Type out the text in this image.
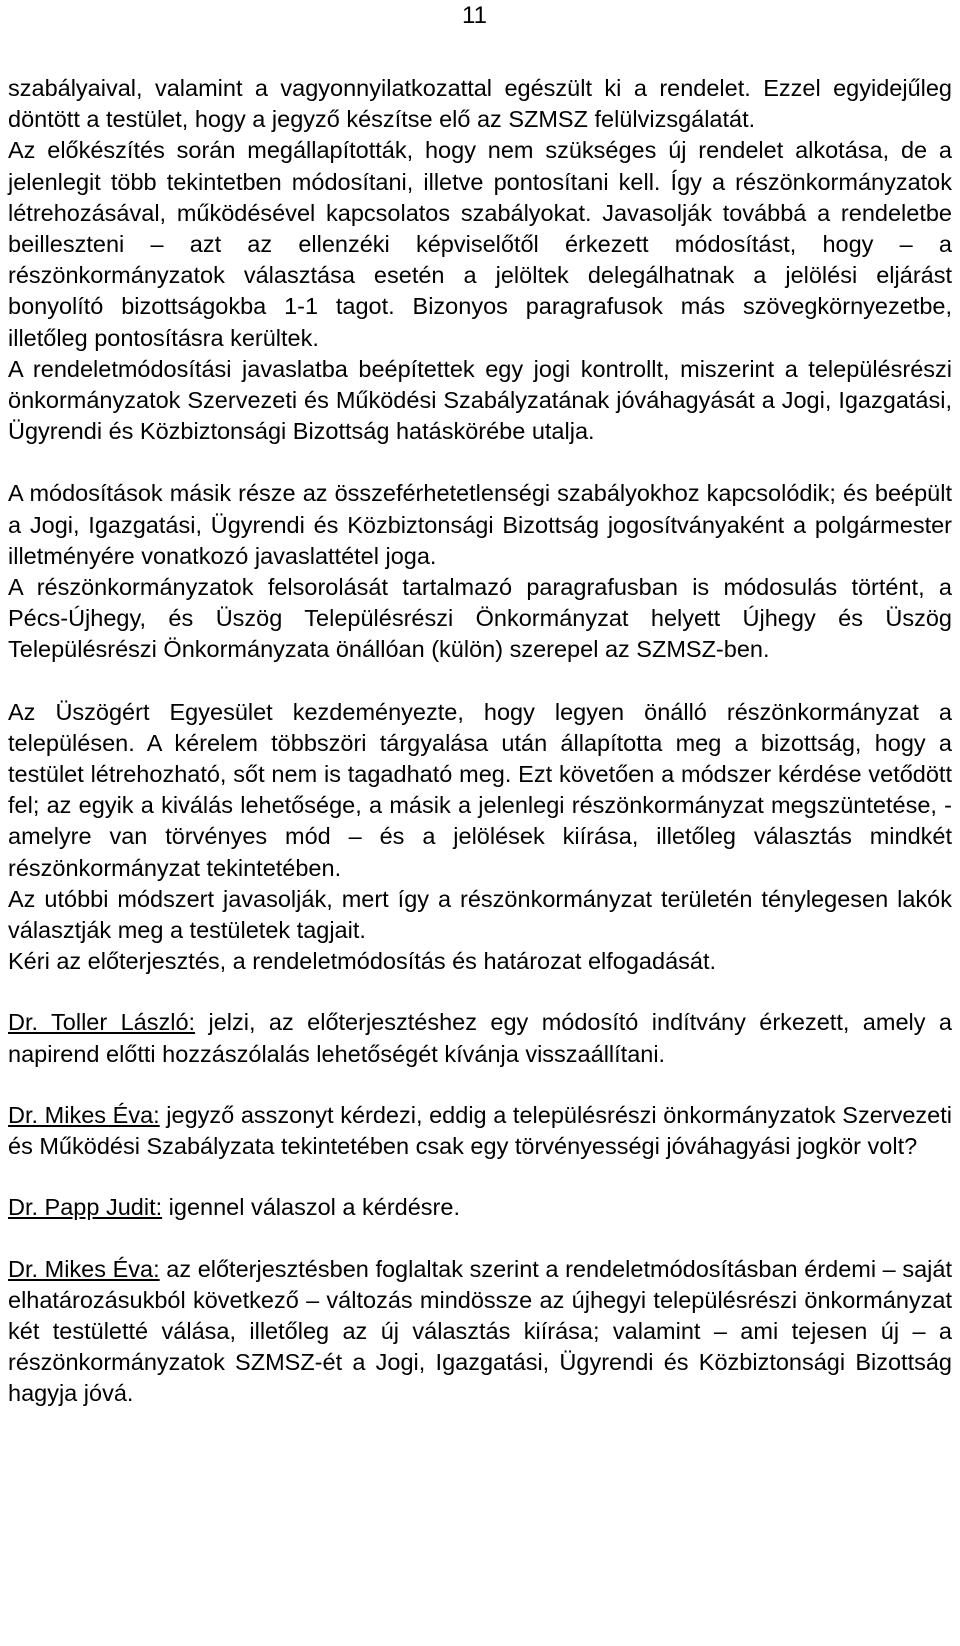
11

szabályaival, valamint a vagyonnyilatkozattal egészült ki a rendelet. Ezzel egyidejűleg döntött a testület, hogy a jegyző készítse elő az SZMSZ felülvizsgálatát.

Az előkészítés során megállapították, hogy nem szükséges új rendelet alkotása, de a jelenlegit több tekintetben módosítani, illetve pontosítani kell. Így a részönkormányzatok létrehozásával, működésével kapcsolatos szabályokat. Javasolják továbbá a rendeletbe beilleszteni – azt az ellenzéki képviselőtől érkezett módosítást, hogy – a részönkormányzatok választása esetén a jelöltek delegálhatnak a jelölési eljárást bonyolító bizottságokba 1-1 tagot. Bizonyos paragrafusok más szövegkörnyezetbe, illetőleg pontosításra kerültek.

A rendeletmódosítási javaslatba beépítettek egy jogi kontrollt, miszerint a településrészi önkormányzatok Szervezeti és Működési Szabályzatának jóváhagyását a Jogi, Igazgatási, Ügyrendi és Közbiztonsági Bizottság hatáskörébe utalja.

A módosítások másik része az összeférhetetlenségi szabályokhoz kapcsolódik; és beépült a Jogi, Igazgatási, Ügyrendi és Közbiztonsági Bizottság jogosítványaként a polgármester illetményére vonatkozó javaslattétel joga.

A részönkormányzatok felsorolását tartalmazó paragrafusban is módosulás történt, a Pécs-Újhegy, és Üszög Településrészi Önkormányzat helyett Újhegy és Üszög Településrészi Önkormányzata önállóan (külön) szerepel az SZMSZ-ben.

Az Üszögért Egyesület kezdeményezte, hogy legyen önálló részönkormányzat a településen. A kérelem többszöri tárgyalása után állapította meg a bizottság, hogy a testület létrehozható, sőt nem is tagadható meg. Ezt követően a módszer kérdése vetődött fel; az egyik a kiválás lehetősége, a másik a jelenlegi részönkormányzat megszüntetése, - amelyre van törvényes mód – és a jelölések kiírása, illetőleg választás mindkét részönkormányzat tekintetében.

Az utóbbi módszert javasolják, mert így a részönkormányzat területén ténylegesen lakók választják meg a testületek tagjait.

Kéri az előterjesztés, a rendeletmódosítás és határozat elfogadását.

Dr. Toller László: jelzi, az előterjesztéshez egy módosító indítvány érkezett, amely a napirend előtti hozzászólalás lehetőségét kívánja visszaállítani.

Dr. Mikes Éva: jegyző asszonyt kérdezi, eddig a településrészi önkormányzatok Szervezeti és Működési Szabályzata tekintetében csak egy törvényességi jóváhagyási jogkör volt?

Dr. Papp Judit: igennel válaszol a kérdésre.

Dr. Mikes Éva: az előterjesztésben foglaltak szerint a rendeletmódosításban érdemi – saját elhatározásukból következő – változás mindössze az újhegyi településrészi önkormányzat két testületté válása, illetőleg az új választás kiírása; valamint – ami tejesen új – a részönkormányzatok SZMSZ-ét a Jogi, Igazgatási, Ügyrendi és Közbiztonsági Bizottság hagyja jóvá.
